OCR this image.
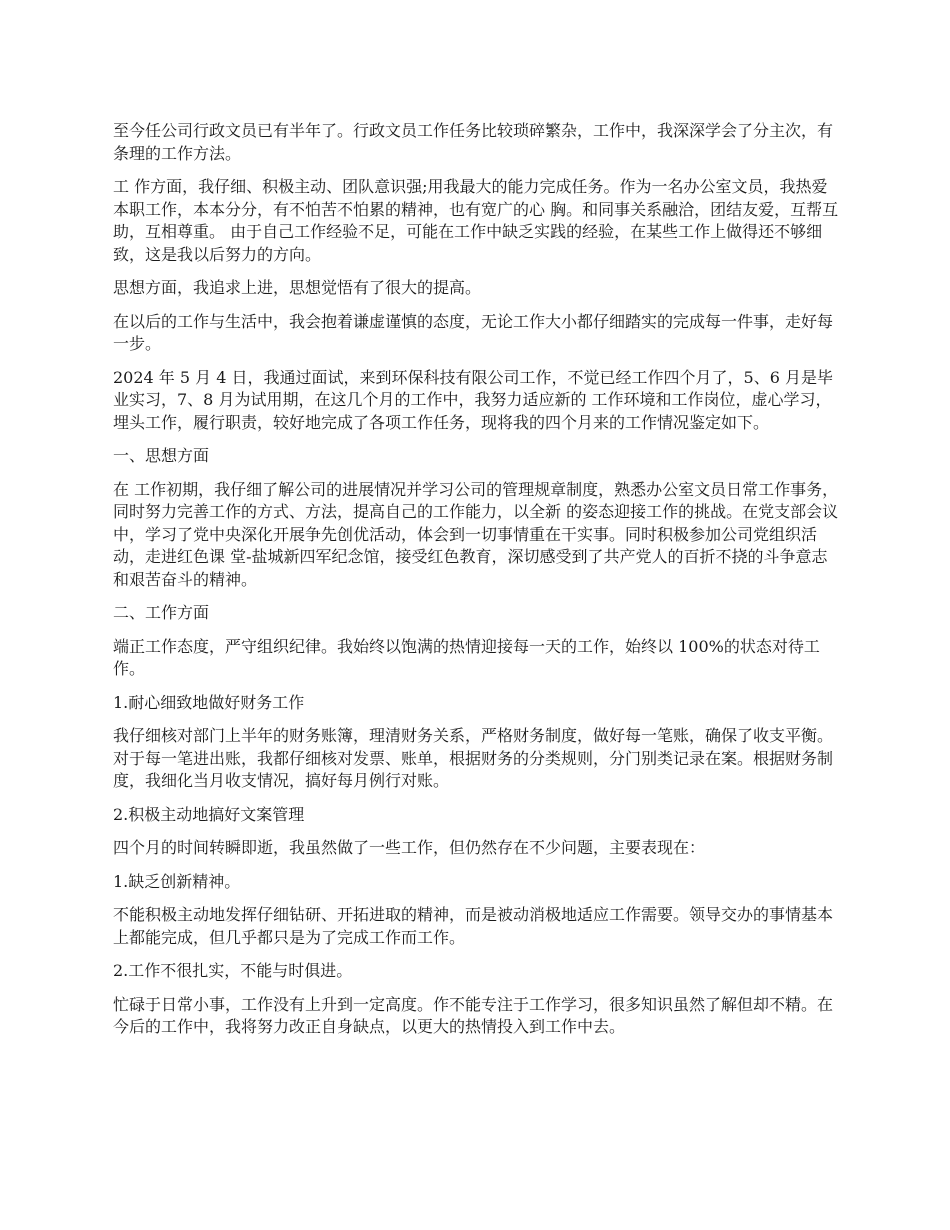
至今任公司行政文员已有半年了。行政文员工作任务比较琐碎繁杂，工作中，我深深学会了分主次，有条理的工作方法。

工 作方面，我仔细、积极主动、团队意识强;用我最大的能力完成任务。作为一名办公室文员，我热爱本职工作，本本分分，有不怕苦不怕累的精神，也有宽广的心 胸。和同事关系融洽，团结友爱，互帮互助，互相尊重。 由于自己工作经验不足，可能在工作中缺乏实践的经验，在某些工作上做得还不够细致，这是我以后努力的方向。

思想方面，我追求上进，思想觉悟有了很大的提高。

在以后的工作与生活中，我会抱着谦虚谨慎的态度，无论工作大小都仔细踏实的完成每一件事，走好每一步。

2024 年 5 月 4 日，我通过面试，来到环保科技有限公司工作，不觉已经工作四个月了，5、6 月是毕业实习，7、8 月为试用期，在这几个月的工作中，我努力适应新的 工作环境和工作岗位，虚心学习，埋头工作，履行职责，较好地完成了各项工作任务，现将我的四个月来的工作情况鉴定如下。

一、思想方面

在 工作初期，我仔细了解公司的进展情况并学习公司的管理规章制度，熟悉办公室文员日常工作事务，同时努力完善工作的方式、方法，提高自己的工作能力，以全新 的姿态迎接工作的挑战。在党支部会议中，学习了党中央深化开展争先创优活动，体会到一切事情重在干实事。同时积极参加公司党组织活动，走进红色课 堂-盐城新四军纪念馆，接受红色教育，深切感受到了共产党人的百折不挠的斗争意志和艰苦奋斗的精神。

二、工作方面

端正工作态度，严守组织纪律。我始终以饱满的热情迎接每一天的工作，始终以 100%的状态对待工作。

1.耐心细致地做好财务工作

我仔细核对部门上半年的财务账簿，理清财务关系，严格财务制度，做好每一笔账，确保了收支平衡。对于每一笔进出账，我都仔细核对发票、账单，根据财务的分类规则，分门别类记录在案。根据财务制度，我细化当月收支情况，搞好每月例行对账。

2.积极主动地搞好文案管理

四个月的时间转瞬即逝，我虽然做了一些工作，但仍然存在不少问题，主要表现在：

1.缺乏创新精神。

不能积极主动地发挥仔细钻研、开拓进取的精神，而是被动消极地适应工作需要。领导交办的事情基本上都能完成，但几乎都只是为了完成工作而工作。

2.工作不很扎实，不能与时俱进。

忙碌于日常小事，工作没有上升到一定高度。作不能专注于工作学习，很多知识虽然了解但却不精。在今后的工作中，我将努力改正自身缺点，以更大的热情投入到工作中去。
